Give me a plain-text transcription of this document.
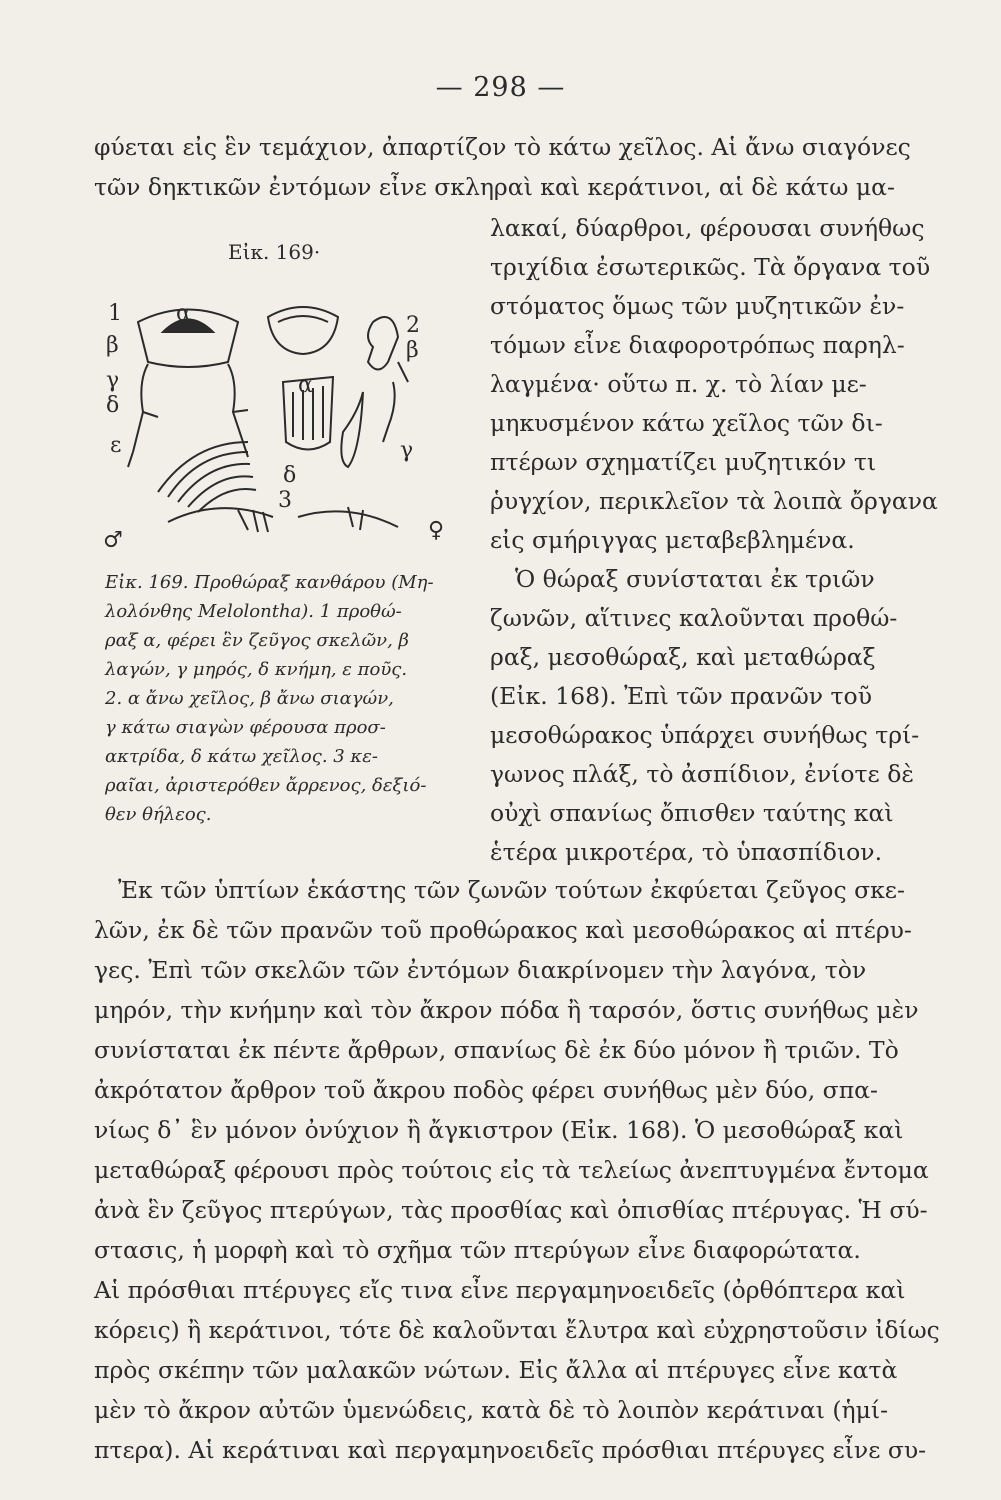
— 298 —
φύεται εἰς ἓν τεμάχιον, ἀπαρτίζον τὸ κάτω χεῖλος. Αἱ ἄνω σιαγόνες
τῶν δηκτικῶν ἐντόμων εἶνε σκληραὶ καὶ κεράτινοι, αἱ δὲ κάτω μα-
Εἰκ. 169·
1 α
β
γ
δ
ε
2
β
α
γ
δ
3
♂	♀
λακαί, δύαρθροι, φέρουσαι συνήθως
τριχίδια ἐσωτερικῶς. Τὰ ὄργανα τοῦ
στόματος ὅμως τῶν μυζητικῶν ἐν-
τόμων εἶνε διαφοροτρόπως παρηλ-
λαγμένα· οὕτω π. χ. τὸ λίαν με-
μηκυσμένον κάτω χεῖλος τῶν δι-
πτέρων σχηματίζει μυζητικόν τι
ῥυγχίον, περικλεῖον τὰ λοιπὰ ὄργανα
εἰς σμήριγγας μεταβεβλημένα.
Ὁ θώραξ συνίσταται ἐκ τριῶν
ζωνῶν, αἵτινες καλοῦνται προθώ-
ραξ, μεσοθώραξ, καὶ μεταθώραξ
(Εἰκ. 168). Ἐπὶ τῶν πρανῶν τοῦ
μεσοθώρακος ὑπάρχει συνήθως τρί-
γωνος πλάξ, τὸ ἀσπίδιον, ἐνίοτε δὲ
οὐχὶ σπανίως ὄπισθεν ταύτης καὶ
ἑτέρα μικροτέρα, τὸ ὑπασπίδιον.
Εἰκ. 169. Προθώραξ κανθάρου (Μη-
λολόνθης Melolontha). 1 προθώ-
ραξ α, φέρει ἓν ζεῦγος σκελῶν, β
λαγών, γ μηρός, δ κνήμη, ε ποῦς.
2. α ἄνω χεῖλος, β ἄνω σιαγών,
γ κάτω σιαγὼν φέρουσα προσ-
ακτρίδα, δ κάτω χεῖλος. 3 κε-
ραῖαι, ἀριστερόθεν ἄρρενος, δεξιό-
θεν θήλεος.
Ἐκ τῶν ὑπτίων ἑκάστης τῶν ζωνῶν τούτων ἐκφύεται ζεῦγος σκε-
λῶν, ἐκ δὲ τῶν πρανῶν τοῦ προθώρακος καὶ μεσοθώρακος αἱ πτέρυ-
γες. Ἐπὶ τῶν σκελῶν τῶν ἐντόμων διακρίνομεν τὴν λαγόνα, τὸν
μηρόν, τὴν κνήμην καὶ τὸν ἄκρον πόδα ἢ ταρσόν, ὅστις συνήθως μὲν
συνίσταται ἐκ πέντε ἄρθρων, σπανίως δὲ ἐκ δύο μόνον ἢ τριῶν. Τὸ
ἀκρότατον ἄρθρον τοῦ ἄκρου ποδὸς φέρει συνήθως μὲν δύο, σπα-
νίως δ᾽ ἓν μόνον ὀνύχιον ἢ ἄγκιστρον (Εἰκ. 168). Ὁ μεσοθώραξ καὶ
μεταθώραξ φέρουσι πρὸς τούτοις εἰς τὰ τελείως ἀνεπτυγμένα ἔντομα
ἀνὰ ἓν ζεῦγος πτερύγων, τὰς προσθίας καὶ ὀπισθίας πτέρυγας. Ἡ σύ-
στασις, ἡ μορφὴ καὶ τὸ σχῆμα τῶν πτερύγων εἶνε διαφορώτατα.
Αἱ πρόσθιαι πτέρυγες εἴς τινα εἶνε περγαμηνοειδεῖς (ὀρθόπτερα καὶ
κόρεις) ἢ κεράτινοι, τότε δὲ καλοῦνται ἔλυτρα καὶ εὐχρηστοῦσιν ἰδίως
πρὸς σκέπην τῶν μαλακῶν νώτων. Εἰς ἄλλα αἱ πτέρυγες εἶνε κατὰ
μὲν τὸ ἄκρον αὐτῶν ὑμενώδεις, κατὰ δὲ τὸ λοιπὸν κεράτιναι (ἡμί-
πτερα). Αἱ κεράτιναι καὶ περγαμηνοειδεῖς πρόσθιαι πτέρυγες εἶνε συ-
